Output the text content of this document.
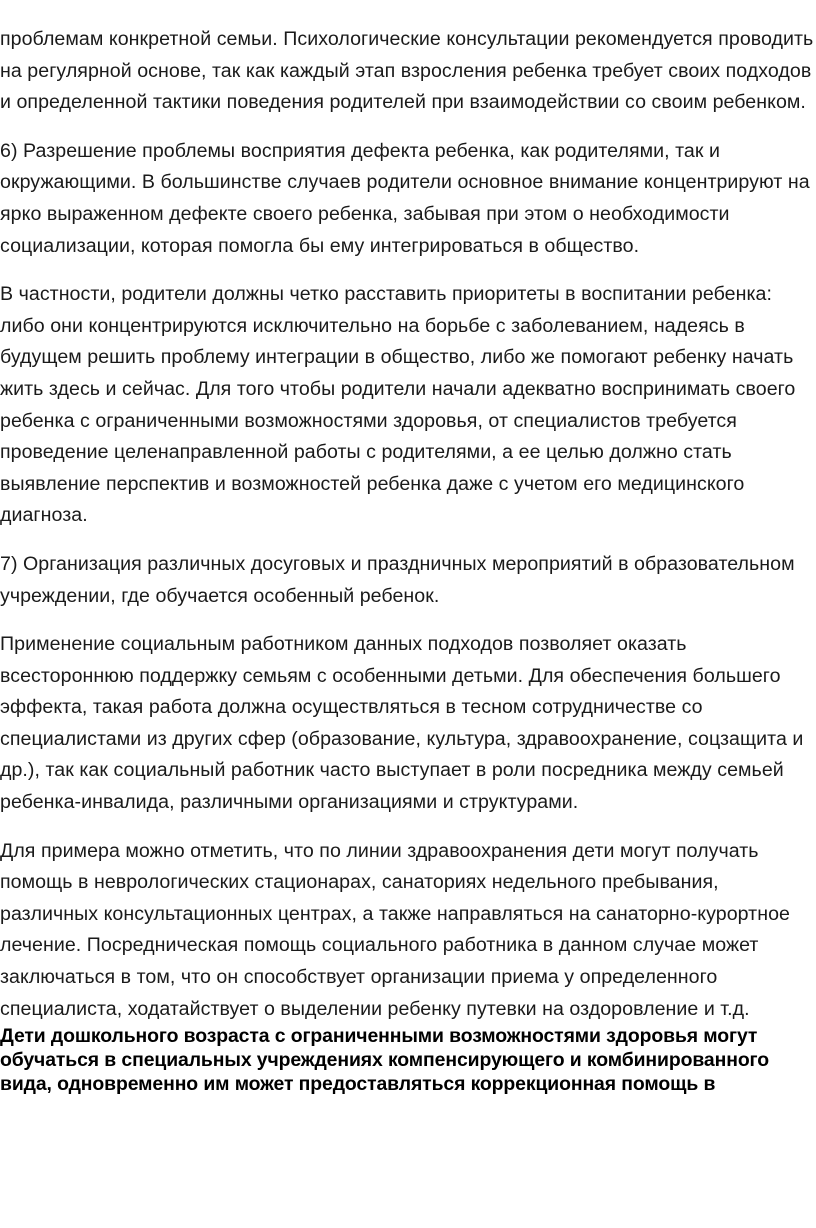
проблемам конкретной семьи. Психологические консультации рекомендуется проводить на регулярной основе, так как каждый этап взросления ребенка требует своих подходов и определенной тактики поведения родителей при взаимодействии со своим ребенком.

6) Разрешение проблемы восприятия дефекта ребенка, как родителями, так и окружающими. В большинстве случаев родители основное внимание концентрируют на ярко выраженном дефекте своего ребенка, забывая при этом о необходимости социализации, которая помогла бы ему интегрироваться в общество.

В частности, родители должны четко расставить приоритеты в воспитании ребенка: либо они концентрируются исключительно на борьбе с заболеванием, надеясь в будущем решить проблему интеграции в общество, либо же помогают ребенку начать жить здесь и сейчас. Для того чтобы родители начали адекватно воспринимать своего ребенка с ограниченными возможностями здоровья, от специалистов требуется проведение целенаправленной работы с родителями, а ее целью должно стать выявление перспектив и возможностей ребенка даже с учетом его медицинского диагноза.

7) Организация различных досуговых и праздничных мероприятий в образовательном учреждении, где обучается особенный ребенок.

Применение социальным работником данных подходов позволяет оказать всестороннюю поддержку семьям с особенными детьми. Для обеспечения большего эффекта, такая работа должна осуществляться в тесном сотрудничестве со специалистами из других сфер (образование, культура, здравоохранение, соцзащита и др.), так как социальный работник часто выступает в роли посредника между семьей ребенка-инвалида, различными организациями и структурами.

Для примера можно отметить, что по линии здравоохранения дети могут получать помощь в неврологических стационарах, санаториях недельного пребывания, различных консультационных центрах, а также направляться на санаторно-курортное лечение. Посредническая помощь социального работника в данном случае может заключаться в том, что он способствует организации приема у определенного специалиста, ходатайствует о выделении ребенку путевки на оздоровление и т.д.

Дети дошкольного возраста с ограниченными возможностями здоровья могут обучаться в специальных учреждениях компенсирующего и комбинированного вида, одновременно им может предоставляться коррекционная помощь в
